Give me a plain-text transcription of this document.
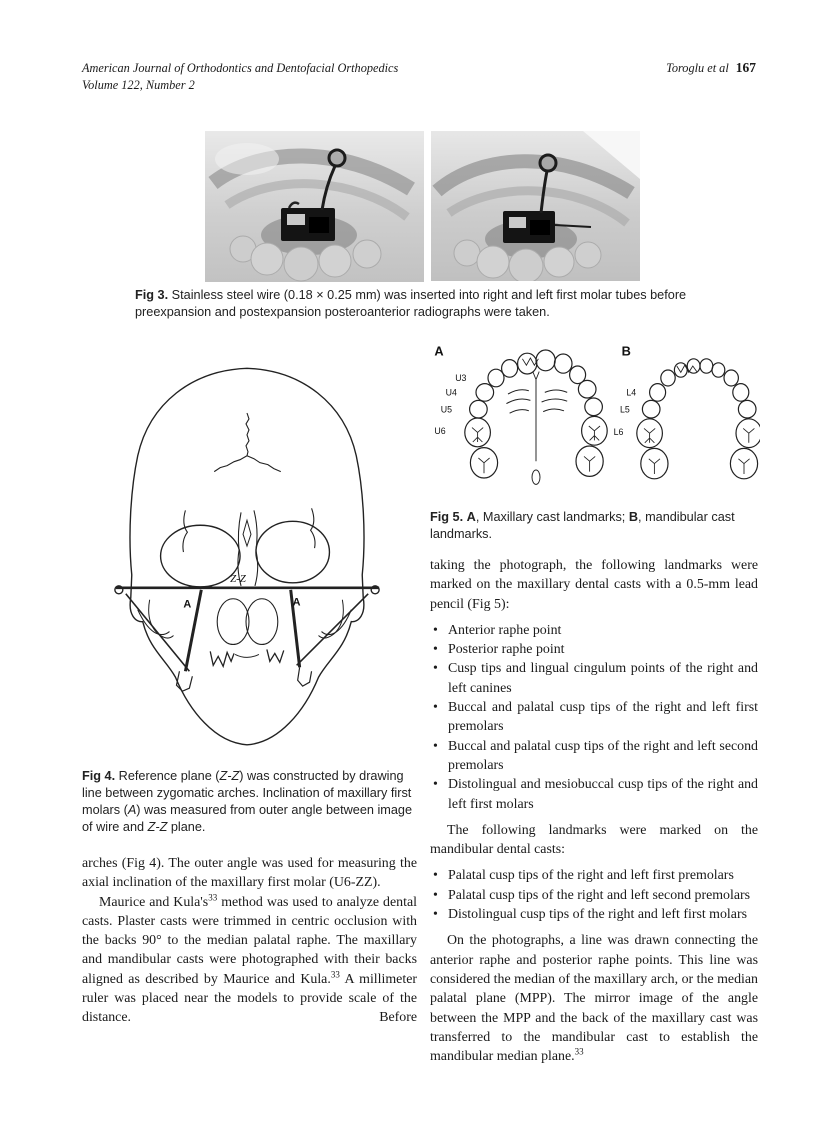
American Journal of Orthodontics and Dentofacial Orthopedics
Volume 122, Number 2
Toroglu et al 167
Fig 3. Stainless steel wire (0.18 × 0.25 mm) was inserted into right and left first molar tubes before preexpansion and postexpansion posteroanterior radiographs were taken.
Z-Z
A	A
Fig 4. Reference plane (Z-Z) was constructed by drawing line between zygomatic arches. Inclination of maxillary first molars (A) was measured from outer angle between image of wire and Z-Z plane.
A
U3
U4
U5
U6
B
L4
L5
L6
Fig 5. A, Maxillary cast landmarks; B, mandibular cast landmarks.

arches (Fig 4). The outer angle was used for measuring the axial inclination of the maxillary first molar (U6-ZZ).

Maurice and $Kula's^{33}$ method was used to analyze dental casts. Plaster casts were trimmed in centric occlusion with the backs 90° to the median palatal raphe. The maxillary and mandibular casts were photographed with their backs aligned as described by Maurice and Kula.$^{33}$ A millimeter ruler was placed near the models to provide scale of the distance. Before

taking the photograph, the following landmarks were marked on the maxillary dental casts with a 0.5-mm lead pencil (Fig 5):

• Anterior raphe point
• Posterior raphe point
• Cusp tips and lingual cingulum points of the right and left canines
• Buccal and palatal cusp tips of the right and left first premolars
• Buccal and palatal cusp tips of the right and left second premolars
• Distolingual and mesiobuccal cusp tips of the right and left first molars

The following landmarks were marked on the mandibular dental casts:

• Palatal cusp tips of the right and left first premolars
• Palatal cusp tips of the right and left second premolars
• Distolingual cusp tips of the right and left first molars

On the photographs, a line was drawn connecting the anterior raphe and posterior raphe points. This line was considered the median of the maxillary arch, or the median palatal plane (MPP). The mirror image of the angle between the MPP and the back of the maxillary cast was transferred to the mandibular cast to establish the mandibular median plane.$^{33}$
